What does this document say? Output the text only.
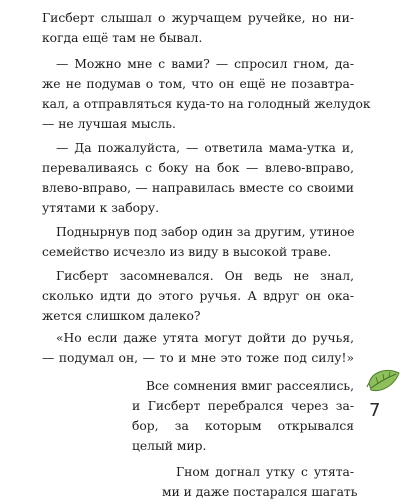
Гисберт слышал о журчащем ручейке, но ни-
когда ещё там не бывал.
— Можно мне с вами? — спросил гном, да-
же не подумав о том, что он ещё не позавтра-
кал, а отправляться куда-то на голодный желудок
— не лучшая мысль.
— Да пожалуйста, — ответила мама-утка и,
переваливаясь с боку на бок — влево-вправо,
влево-вправо, — направилась вместе со своими
утятами к забору.
Поднырнув под забор один за другим, утиное
семейство исчезло из виду в высокой траве.
Гисберт засомневался. Он ведь не знал,
сколько идти до этого ручья. А вдруг он ока-
жется слишком далеко?
«Но если даже утята могут дойти до ручья,
— подумал он, — то и мне это тоже под силу!»
Все сомнения вмиг рассеялись,
и Гисберт перебрался через за-
бор, за которым открывался
целый мир.
Гном догнал утку с утята-
ми и даже постарался шагать
7
